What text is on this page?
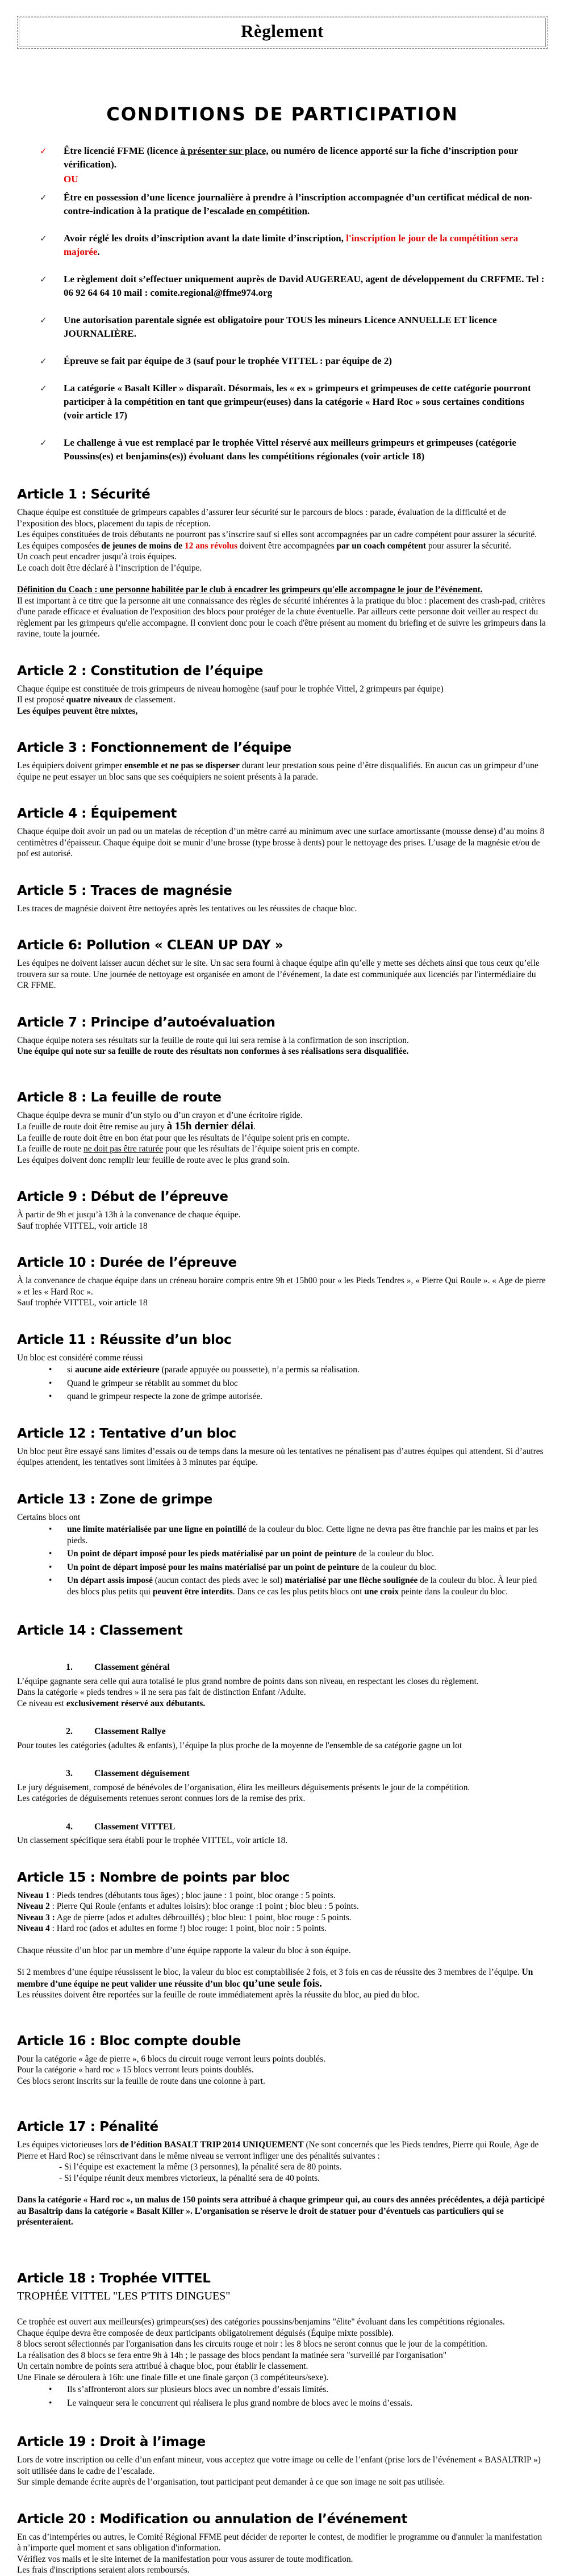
Règlement
CONDITIONS DE PARTICIPATION
✓	Être licencié FFME (licence à présenter sur place, ou numéro de licence apporté sur la fiche d’inscription pour vérification).
OU
✓	Être en possession d’une licence journalière à prendre à l’inscription accompagnée d’un certificat médical de non-contre-indication à la pratique de l’escalade en compétition.
✓	Avoir réglé les droits d’inscription avant la date limite d’inscription, l'inscription le jour de la compétition sera majorée.
✓	Le règlement doit s’effectuer uniquement auprès de David AUGEREAU, agent de développement du CRFFME. Tel : 06 92 64 64 10 mail : comite.regional@ffme974.org
✓	Une autorisation parentale signée est obligatoire pour TOUS les mineurs Licence ANNUELLE ET licence JOURNALIÈRE.
✓	Épreuve se fait par équipe de 3 (sauf pour le trophée VITTEL : par équipe de 2)
✓	La catégorie « Basalt Killer » disparaît. Désormais, les « ex » grimpeurs et grimpeuses de cette catégorie pourront participer à la compétition en tant que grimpeur(euses) dans la catégorie « Hard Roc » sous certaines conditions (voir article 17)
✓	Le challenge à vue est remplacé par le trophée Vittel réservé aux meilleurs grimpeurs et grimpeuses (catégorie Poussins(es) et benjamins(es)) évoluant dans les compétitions régionales (voir article 18)
Article 1 : Sécurité

Chaque équipe est constituée de grimpeurs capables d’assurer leur sécurité sur le parcours de blocs : parade, évaluation de la difficulté et de l’exposition des blocs, placement du tapis de réception.

Les équipes constituées de trois débutants ne pourront pas s’inscrire sauf si elles sont accompagnées par un cadre compétent pour assurer la sécurité.

Les équipes composées de jeunes de moins de 12 ans révolus doivent être accompagnées par un coach compétent pour assurer la sécurité.

Un coach peut encadrer jusqu’à trois équipes.

Le coach doit être déclaré à l’inscription de l’équipe.

Définition du Coach : une personne habilitée par le club à encadrer les grimpeurs qu'elle accompagne le jour de l’événement.

Il est important à ce titre que la personne ait une connaissance des règles de sécurité inhérentes à la pratique du bloc : placement des crash-pad, critères d'une parade efficace et évaluation de l'exposition des blocs pour protéger de la chute éventuelle. Par ailleurs cette personne doit veiller au respect du règlement par les grimpeurs qu'elle accompagne. Il convient donc pour le coach d'être présent au moment du briefing et de suivre les grimpeurs dans la ravine, toute la journée.

Article 2 : Constitution de l’équipe

Chaque équipe est constituée de trois grimpeurs de niveau homogène (sauf pour le trophée Vittel, 2 grimpeurs par équipe)

Il est proposé quatre niveaux de classement.

Les équipes peuvent être mixtes,

Article 3 : Fonctionnement de l’équipe

Les équipiers doivent grimper ensemble et ne pas se disperser durant leur prestation sous peine d’être disqualifiés. En aucun cas un grimpeur d’une équipe ne peut essayer un bloc sans que ses coéquipiers ne soient présents à la parade.

Article 4 : Équipement

Chaque équipe doit avoir un pad ou un matelas de réception d’un mètre carré au minimum avec une surface amortissante (mousse dense) d’au moins 8 centimètres d’épaisseur. Chaque équipe doit se munir d’une brosse (type brosse à dents) pour le nettoyage des prises. L’usage de la magnésie et/ou de pof est autorisé.

Article 5 : Traces de magnésie

Les traces de magnésie doivent être nettoyées après les tentatives ou les réussites de chaque bloc.

Article 6: Pollution « CLEAN UP DAY »

Les équipes ne doivent laisser aucun déchet sur le site. Un sac sera fourni à chaque équipe afin qu’elle y mette ses déchets ainsi que tous ceux qu’elle trouvera sur sa route. Une journée de nettoyage est organisée en amont de l’événement, la date est communiquée aux licenciés par l'intermédiaire du CR FFME.

Article 7 : Principe d’autoévaluation

Chaque équipe notera ses résultats sur la feuille de route qui lui sera remise à la confirmation de son inscription.

Une équipe qui note sur sa feuille de route des résultats non conformes à ses réalisations sera disqualifiée.

Article 8 : La feuille de route

Chaque équipe devra se munir d’un stylo ou d’un crayon et d’une écritoire rigide.

La feuille de route doit être remise au jury à 15h dernier délai.

La feuille de route doit être en bon état pour que les résultats de l’équipe soient pris en compte.

La feuille de route ne doit pas être raturée pour que les résultats de l’équipe soient pris en compte.

Les équipes doivent donc remplir leur feuille de route avec le plus grand soin.

Article 9 : Début de l’épreuve

À partir de 9h et jusqu’à 13h à la convenance de chaque équipe.

Sauf trophée VITTEL, voir article 18

Article 10 : Durée de l’épreuve

À la convenance de chaque équipe dans un créneau horaire compris entre 9h et 15h00 pour « les Pieds Tendres », « Pierre Qui Roule ». « Age de pierre » et les « Hard Roc ».

Sauf trophée VITTEL, voir article 18

Article 11 : Réussite d’un bloc

Un bloc est considéré comme réussi

•	si aucune aide extérieure (parade appuyée ou poussette), n’a permis sa réalisation.
•	Quand le grimpeur se rétablit au sommet du bloc
•	quand le grimpeur respecte la zone de grimpe autorisée.
Article 12 : Tentative d’un bloc

Un bloc peut être essayé sans limites d’essais ou de temps dans la mesure où les tentatives ne pénalisent pas d’autres équipes qui attendent. Si d’autres équipes attendent, les tentatives sont limitées à 3 minutes par équipe.

Article 13 : Zone de grimpe

Certains blocs ont

•	une limite matérialisée par une ligne en pointillé de la couleur du bloc. Cette ligne ne devra pas être franchie par les mains et par les pieds.
•	Un point de départ imposé pour les pieds matérialisé par un point de peinture de la couleur du bloc.
•	Un point de départ imposé pour les mains matérialisé par un point de peinture de la couleur du bloc.
•	Un départ assis imposé (aucun contact des pieds avec le sol) matérialisé par une flèche soulignée de la couleur du bloc. À leur pied des blocs plus petits qui peuvent être interdits. Dans ce cas les plus petits blocs ont une croix peinte dans la couleur du bloc.
Article 14 : Classement

1. Classement général

L’équipe gagnante sera celle qui aura totalisé le plus grand nombre de points dans son niveau, en respectant les closes du règlement.

Dans la catégorie « pieds tendres » il ne sera pas fait de distinction Enfant /Adulte.

Ce niveau est exclusivement réservé aux débutants.

2. Classement Rallye

Pour toutes les catégories (adultes & enfants), l’équipe la plus proche de la moyenne de l'ensemble de sa catégorie gagne un lot

3. Classement déguisement

Le jury déguisement, composé de bénévoles de l’organisation, élira les meilleurs déguisements présents le jour de la compétition.

Les catégories de déguisements retenues seront connues lors de la remise des prix.

4. Classement VITTEL

Un classement spécifique sera établi pour le trophée VITTEL, voir article 18.

Article 15 : Nombre de points par bloc

Niveau 1 : Pieds tendres (débutants tous âges) ; bloc jaune : 1 point, bloc orange : 5 points.

Niveau 2 : Pierre Qui Roule (enfants et adultes loisirs): bloc orange :1 point ; bloc bleu : 5 points.

Niveau 3 : Age de pierre (ados et adultes débrouillés) ; bloc bleu: 1 point, bloc rouge : 5 points.

Niveau 4 : Hard roc (ados et adultes en forme !) bloc rouge: 1 point, bloc noir : 5 points.

Chaque réussite d’un bloc par un membre d’une équipe rapporte la valeur du bloc à son équipe.

Si 2 membres d’une équipe réussissent le bloc, la valeur du bloc est comptabilisée 2 fois, et 3 fois en cas de réussite des 3 membres de l’équipe. Un membre d’une équipe ne peut valider une réussite d’un bloc qu’une seule fois.

Les réussites doivent être reportées sur la feuille de route immédiatement après la réussite du bloc, au pied du bloc.

Article 16 : Bloc compte double

Pour la catégorie « âge de pierre », 6 blocs du circuit rouge verront leurs points doublés.

Pour la catégorie « hard roc » 15 blocs verront leurs points doublés.

Ces blocs seront inscrits sur la feuille de route dans une colonne à part.

Article 17 : Pénalité

Les équipes victorieuses lors de l’édition BASALT TRIP 2014 UNIQUEMENT (Ne sont concernés que les Pieds tendres, Pierre qui Roule, Age de Pierre et Hard Roc) se réinscrivant dans le même niveau se verront infliger une des pénalités suivantes :

- Si l’équipe est exactement la même (3 personnes), la pénalité sera de 80 points.

- Si l’équipe réunit deux membres victorieux, la pénalité sera de 40 points.

Dans la catégorie « Hard roc », un malus de 150 points sera attribué à chaque grimpeur qui, au cours des années précédentes, a déjà participé au Basaltrip dans la catégorie « Basalt Killer ». L’organisation se réserve le droit de statuer pour d’éventuels cas particuliers qui se présenteraient.

Article 18 : Trophée VITTEL

TROPHÉE VITTEL "LES P'TITS DINGUES"

Ce trophée est ouvert aux meilleurs(es) grimpeurs(ses) des catégories poussins/benjamins "élite" évoluant dans les compétitions régionales.

Chaque équipe devra être composée de deux participants obligatoirement déguisés (Équipe mixte possible).

8 blocs seront sélectionnés par l'organisation dans les circuits rouge et noir : les 8 blocs ne seront connus que le jour de la compétition.

La réalisation des 8 blocs se fera entre 9h à 14h ; le passage des blocs pendant la matinée sera "surveillé par l'organisation"

Un certain nombre de points sera attribué à chaque bloc, pour établir le classement.

Une Finale se déroulera à 16h: une finale fille et une finale garçon (3 compétiteurs/sexe).

•	Ils s’affronteront alors sur plusieurs blocs avec un nombre d’essais limités.
•	Le vainqueur sera le concurrent qui réalisera le plus grand nombre de blocs avec le moins d’essais.
Article 19 : Droit à l’image

Lors de votre inscription ou celle d’un enfant mineur, vous acceptez que votre image ou celle de l’enfant (prise lors de l’événement « BASALTRIP ») soit utilisée dans le cadre de l’escalade.

Sur simple demande écrite auprès de l’organisation, tout participant peut demander à ce que son image ne soit pas utilisée.

Article 20 : Modification ou annulation de l’événement

En cas d’intempéries ou autres, le Comité Régional FFME peut décider de reporter le contest, de modifier le programme ou d'annuler la manifestation à n’importe quel moment et sans obligation d'information.

Vérifiez vos mails et le site internet de la manifestation pour vous assurer de toute modification.

Les frais d'inscriptions seraient alors remboursés.
